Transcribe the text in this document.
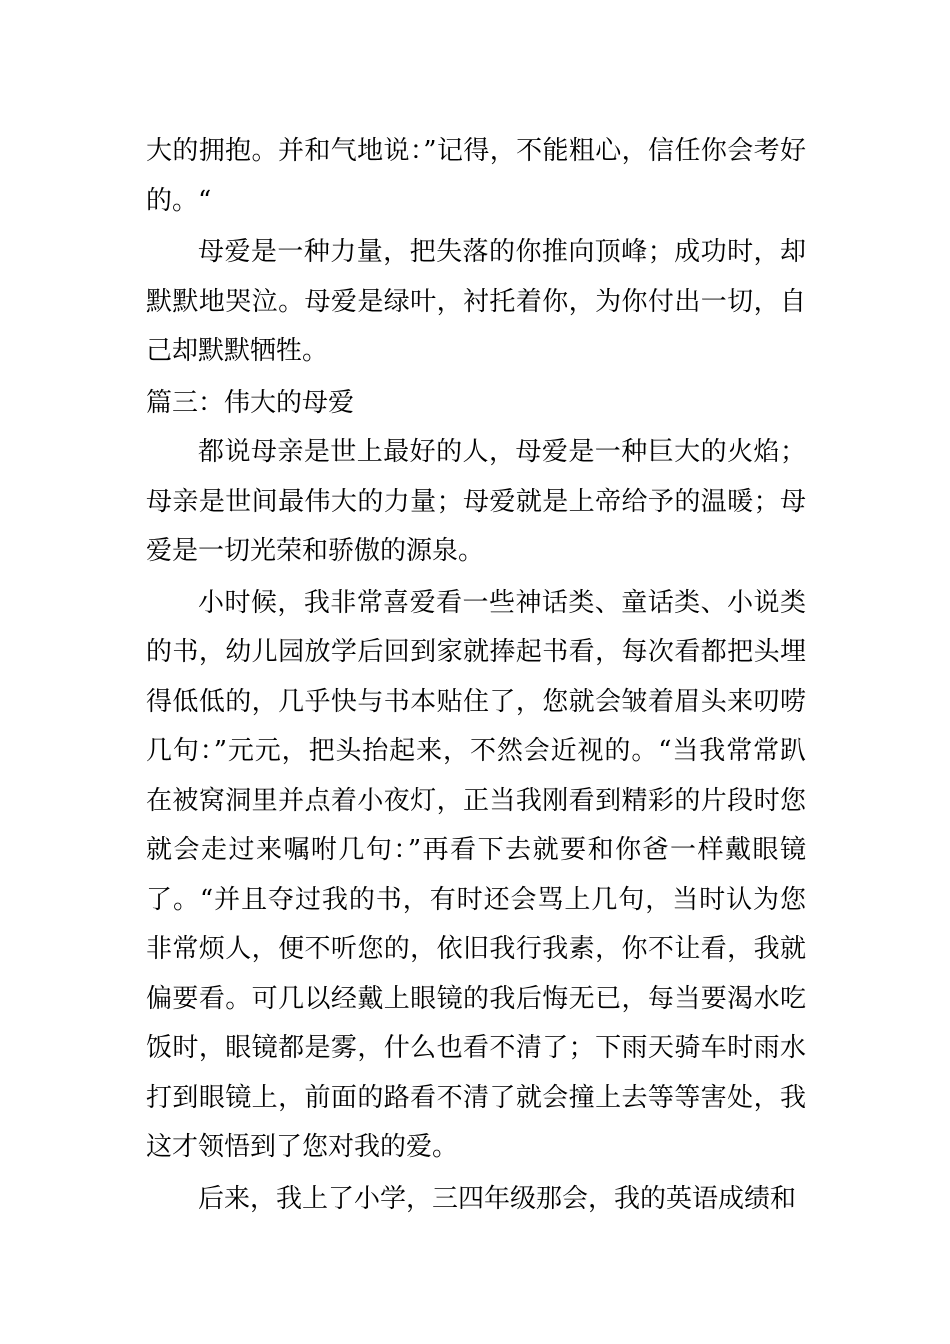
大的拥抱。并和气地说：”记得，不能粗心，信任你会考好的。“

母爱是一种力量，把失落的你推向顶峰；成功时，却默默地哭泣。母爱是绿叶，衬托着你，为你付出一切，自己却默默牺牲。

篇三：伟大的母爱

都说母亲是世上最好的人，母爱是一种巨大的火焰；母亲是世间最伟大的力量；母爱就是上帝给予的温暖；母爱是一切光荣和骄傲的源泉。

小时候，我非常喜爱看一些神话类、童话类、小说类的书，幼儿园放学后回到家就捧起书看，每次看都把头埋得低低的，几乎快与书本贴住了，您就会皱着眉头来叨唠几句：”元元，把头抬起来，不然会近视的。“当我常常趴在被窝洞里并点着小夜灯，正当我刚看到精彩的片段时您就会走过来嘱咐几句：”再看下去就要和你爸一样戴眼镜了。“并且夺过我的书，有时还会骂上几句，当时认为您非常烦人，便不听您的，依旧我行我素，你不让看，我就偏要看。可几以经戴上眼镜的我后悔无已，每当要渴水吃饭时，眼镜都是雾，什么也看不清了；下雨天骑车时雨水打到眼镜上，前面的路看不清了就会撞上去等等害处，我这才领悟到了您对我的爱。

后来，我上了小学，三四年级那会，我的英语成绩和
